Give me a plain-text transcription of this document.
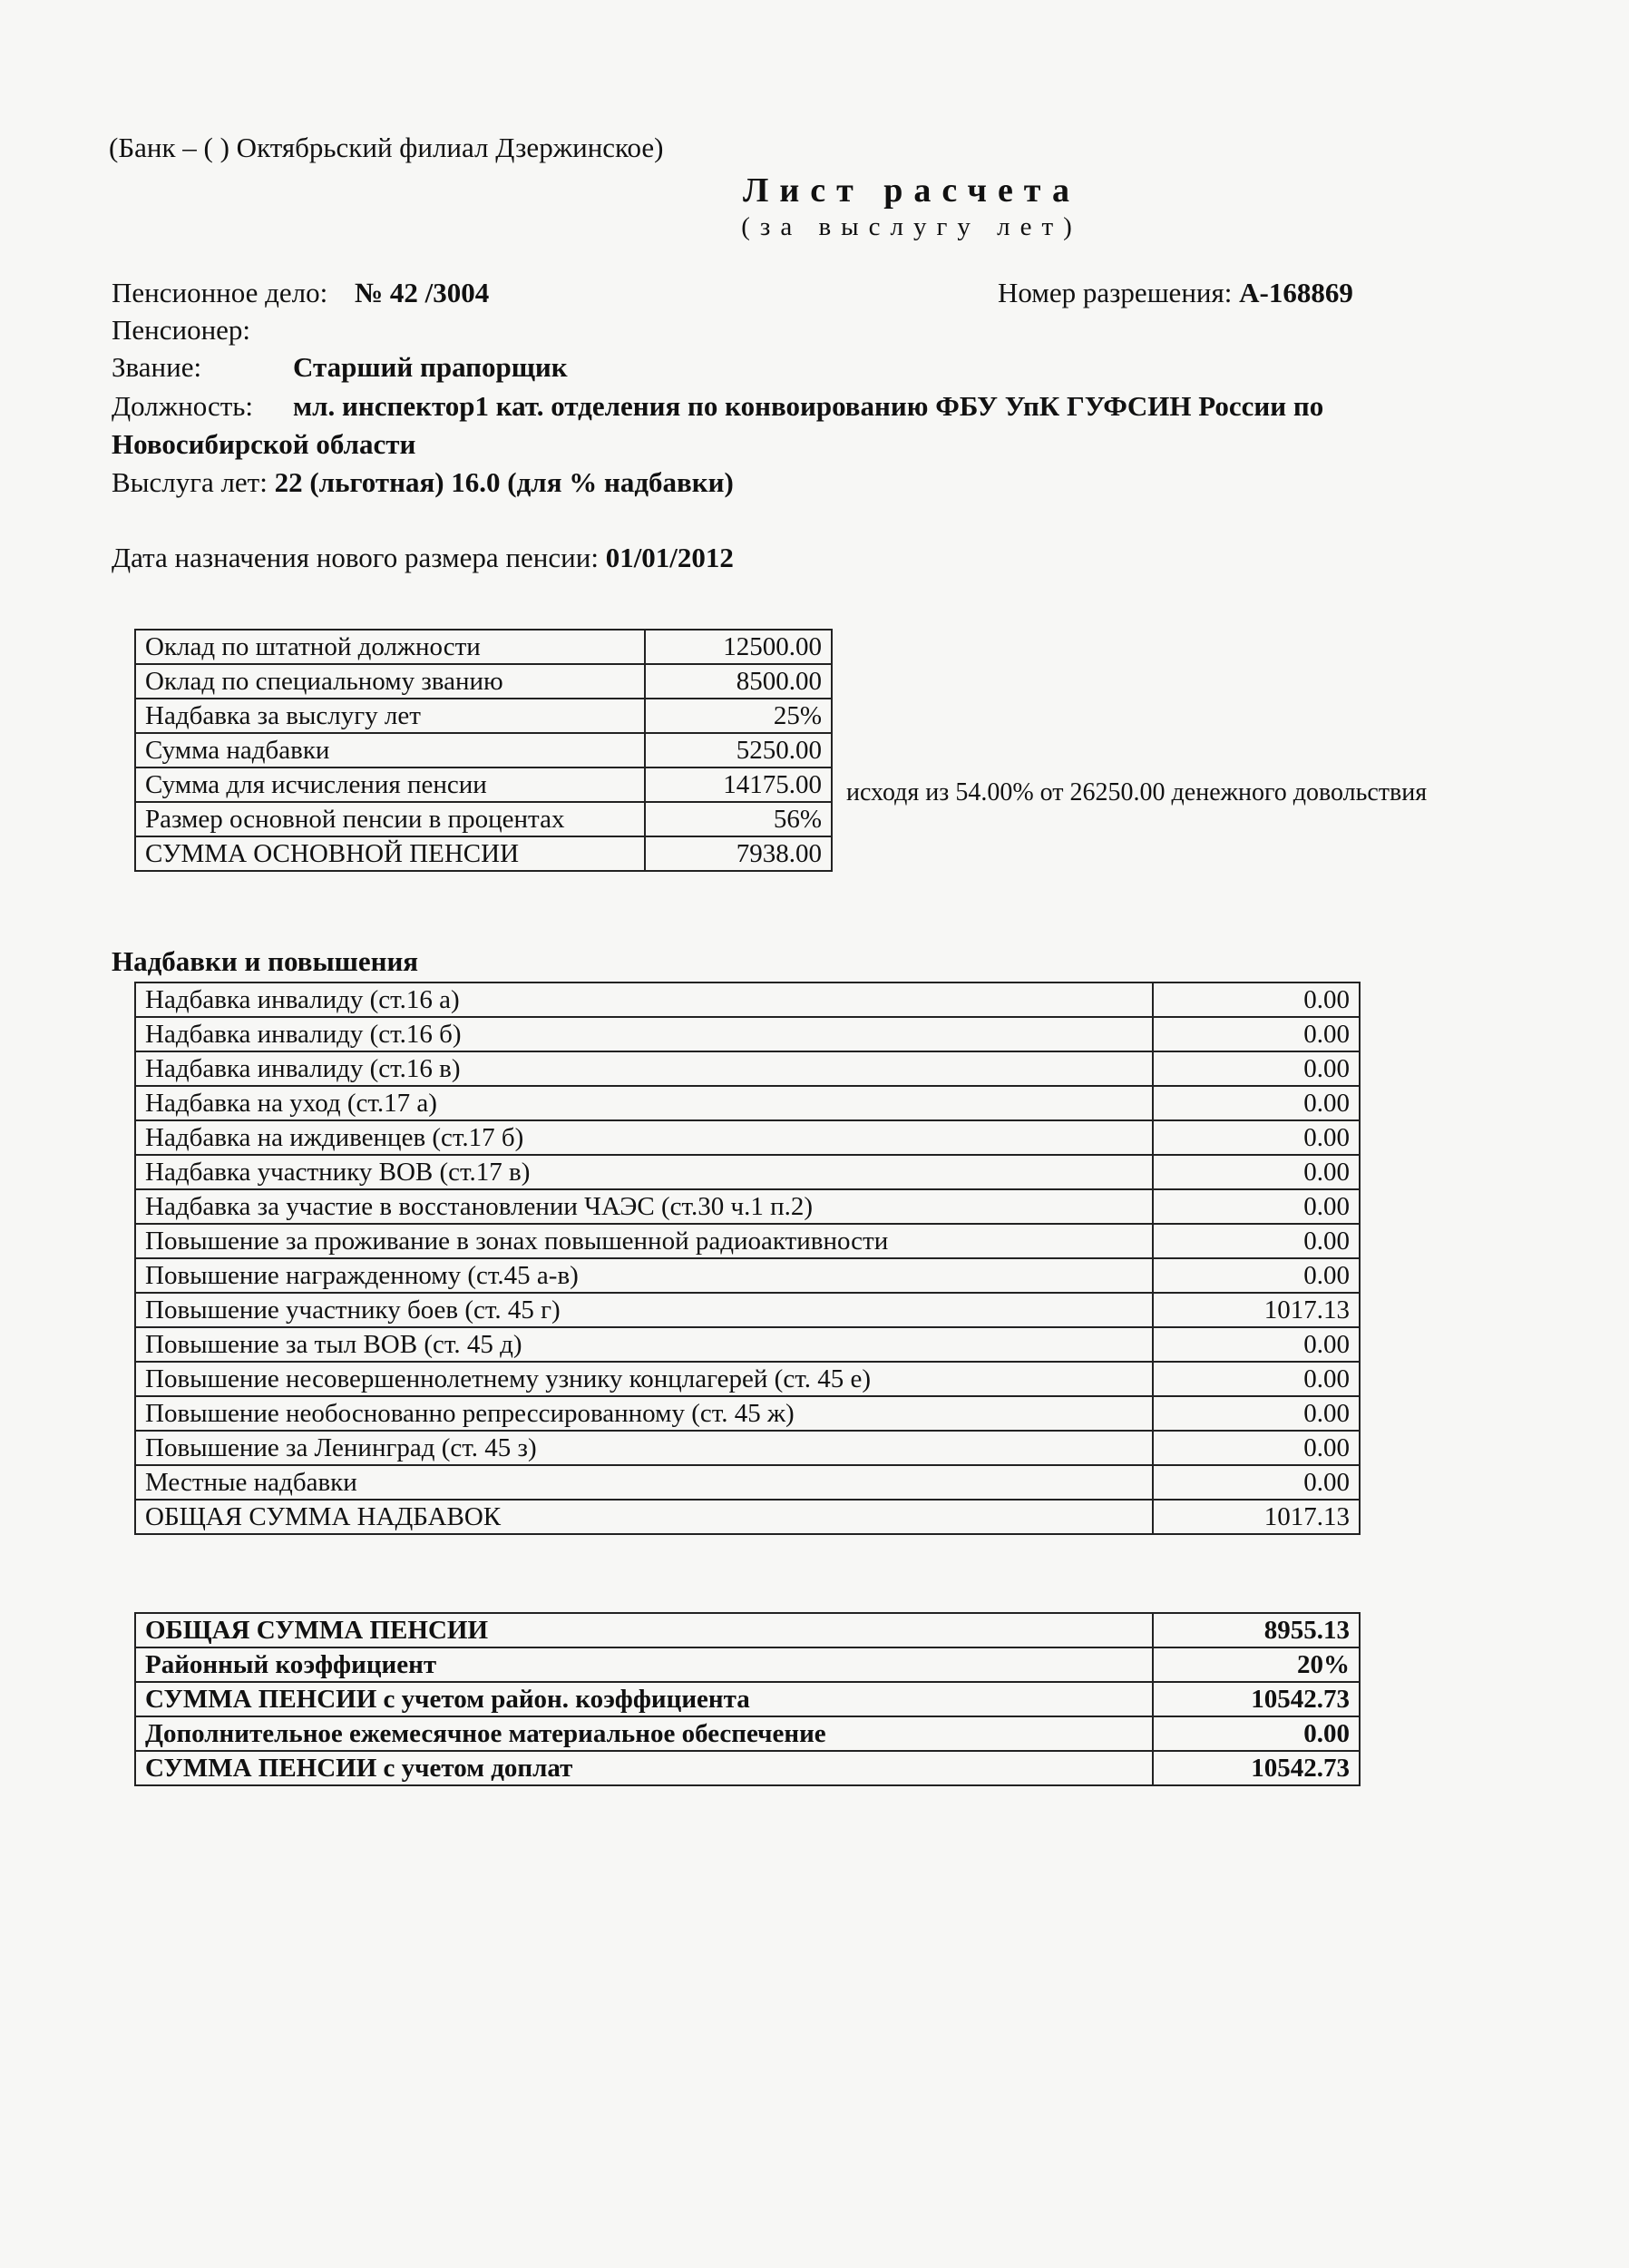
(Банк – ( ) Октябрьский филиал Дзержинское)
Лист расчета
(за выслугу лет)
Пенсионное дело: № 42 /3004	Номер разрешения: А-168869
Пенсионер:
Звание:	Старший прапорщик
Должность: мл. инспектор1 кат. отделения по конвоированию ФБУ УпК ГУФСИН России по
Новосибирской области
Выслуга лет: 22 (льготная) 16.0 (для % надбавки)
Дата назначения нового размера пенсии: 01/01/2012
Оклад по штатной должности	12500.00
Оклад по специальному званию	8500.00
Надбавка за выслугу лет	25%
Сумма надбавки	5250.00
Сумма для исчисления пенсии	14175.00
Размер основной пенсии в процентах	56%
СУММА ОСНОВНОЙ ПЕНСИИ	7938.00
исходя из 54.00% от 26250.00 денежного довольствия
Надбавки и повышения
Надбавка инвалиду (ст.16 а)	0.00
Надбавка инвалиду (ст.16 б)	0.00
Надбавка инвалиду (ст.16 в)	0.00
Надбавка на уход (ст.17 а)	0.00
Надбавка на иждивенцев (ст.17 б)	0.00
Надбавка участнику ВОВ (ст.17 в)	0.00
Надбавка за участие в восстановлении ЧАЭС (ст.30 ч.1 п.2)	0.00
Повышение за проживание в зонах повышенной радиоактивности	0.00
Повышение награжденному (ст.45 а-в)	0.00
Повышение участнику боев (ст. 45 г)	1017.13
Повышение за тыл ВОВ (ст. 45 д)	0.00
Повышение несовершеннолетнему узнику концлагерей (ст. 45 е)	0.00
Повышение необоснованно репрессированному (ст. 45 ж)	0.00
Повышение за Ленинград (ст. 45 з)	0.00
Местные надбавки	0.00
ОБЩАЯ СУММА НАДБАВОК	1017.13
ОБЩАЯ СУММА ПЕНСИИ	8955.13
Районный коэффициент	20%
СУММА ПЕНСИИ с учетом район. коэффициента	10542.73
Дополнительное ежемесячное материальное обеспечение	0.00
СУММА ПЕНСИИ с учетом доплат	10542.73
